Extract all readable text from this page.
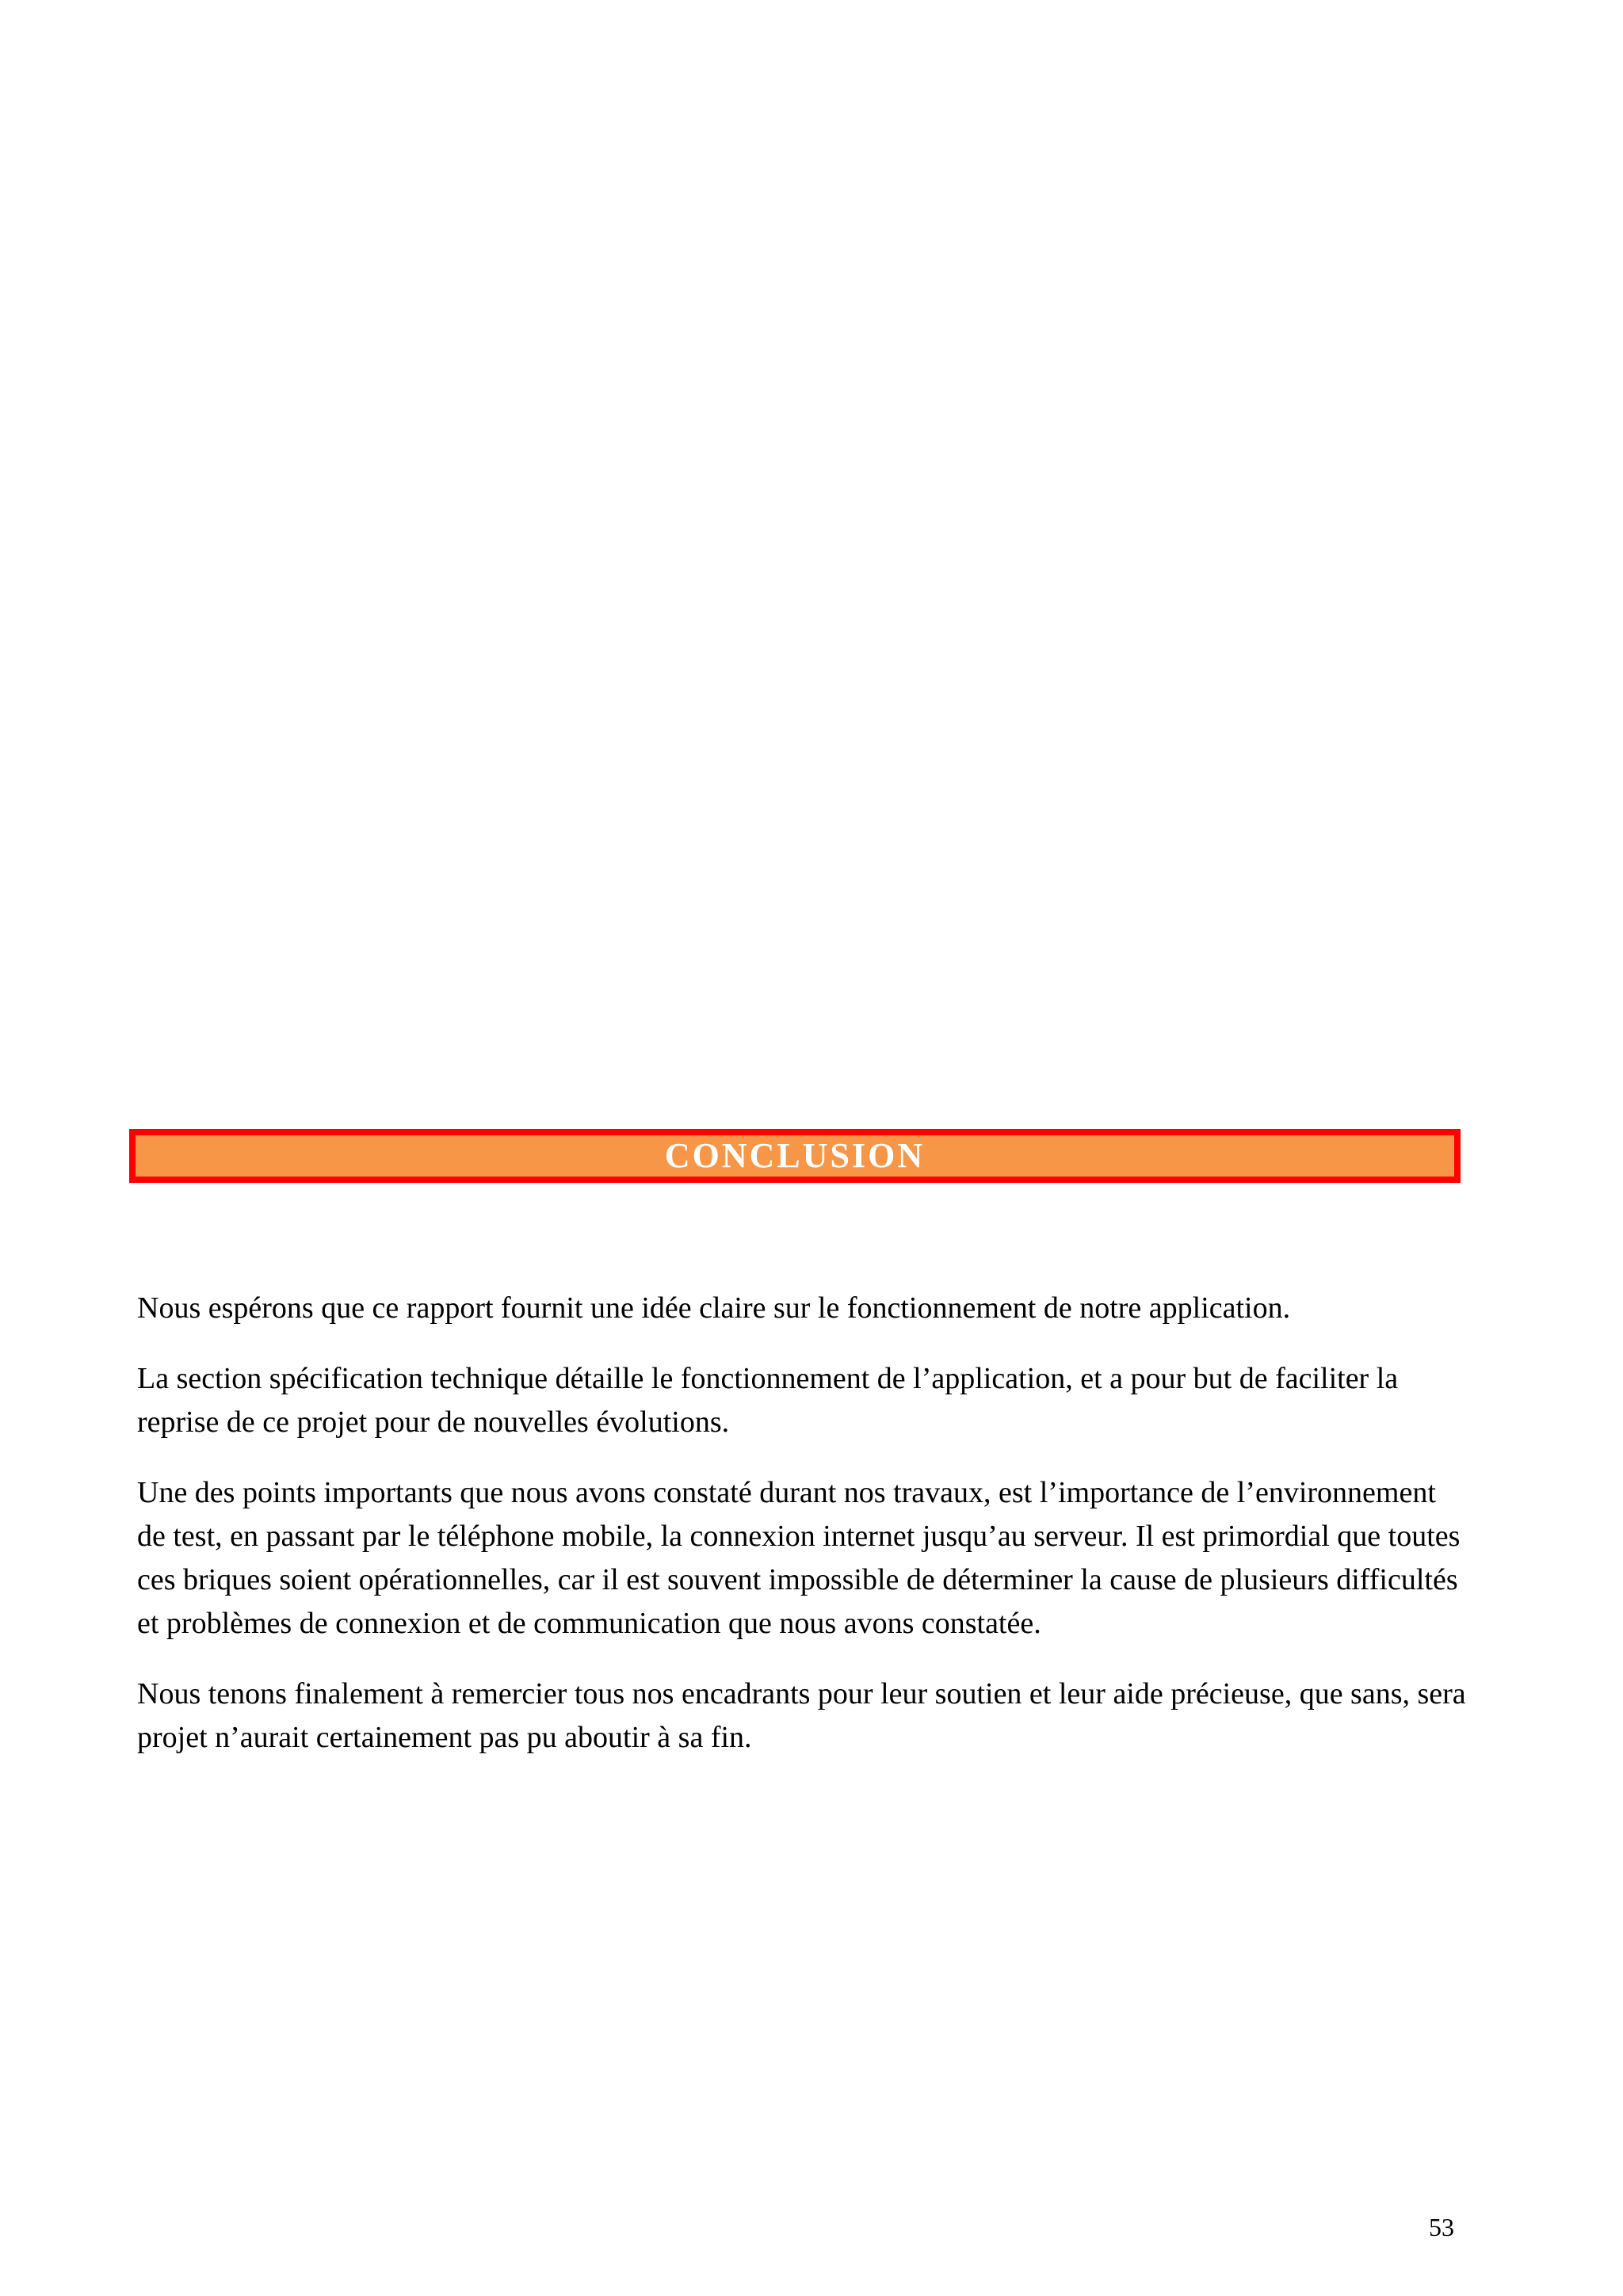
CONCLUSION

Nous espérons que ce rapport fournit une idée claire sur le fonctionnement de notre application.

La section spécification technique détaille le fonctionnement de l’application, et a pour but de faciliter la reprise de ce projet pour de nouvelles évolutions.

Une des points importants que nous avons constaté durant nos travaux, est l’importance de l’environnement de test, en passant par le téléphone mobile, la connexion internet jusqu’au serveur. Il est primordial que toutes ces briques soient opérationnelles, car il est souvent impossible de déterminer la cause de plusieurs difficultés et problèmes de connexion et de communication que nous avons constatée.

Nous tenons finalement à remercier tous nos encadrants pour leur soutien et leur aide précieuse, que sans, sera projet n’aurait certainement pas pu aboutir à sa fin.

53
